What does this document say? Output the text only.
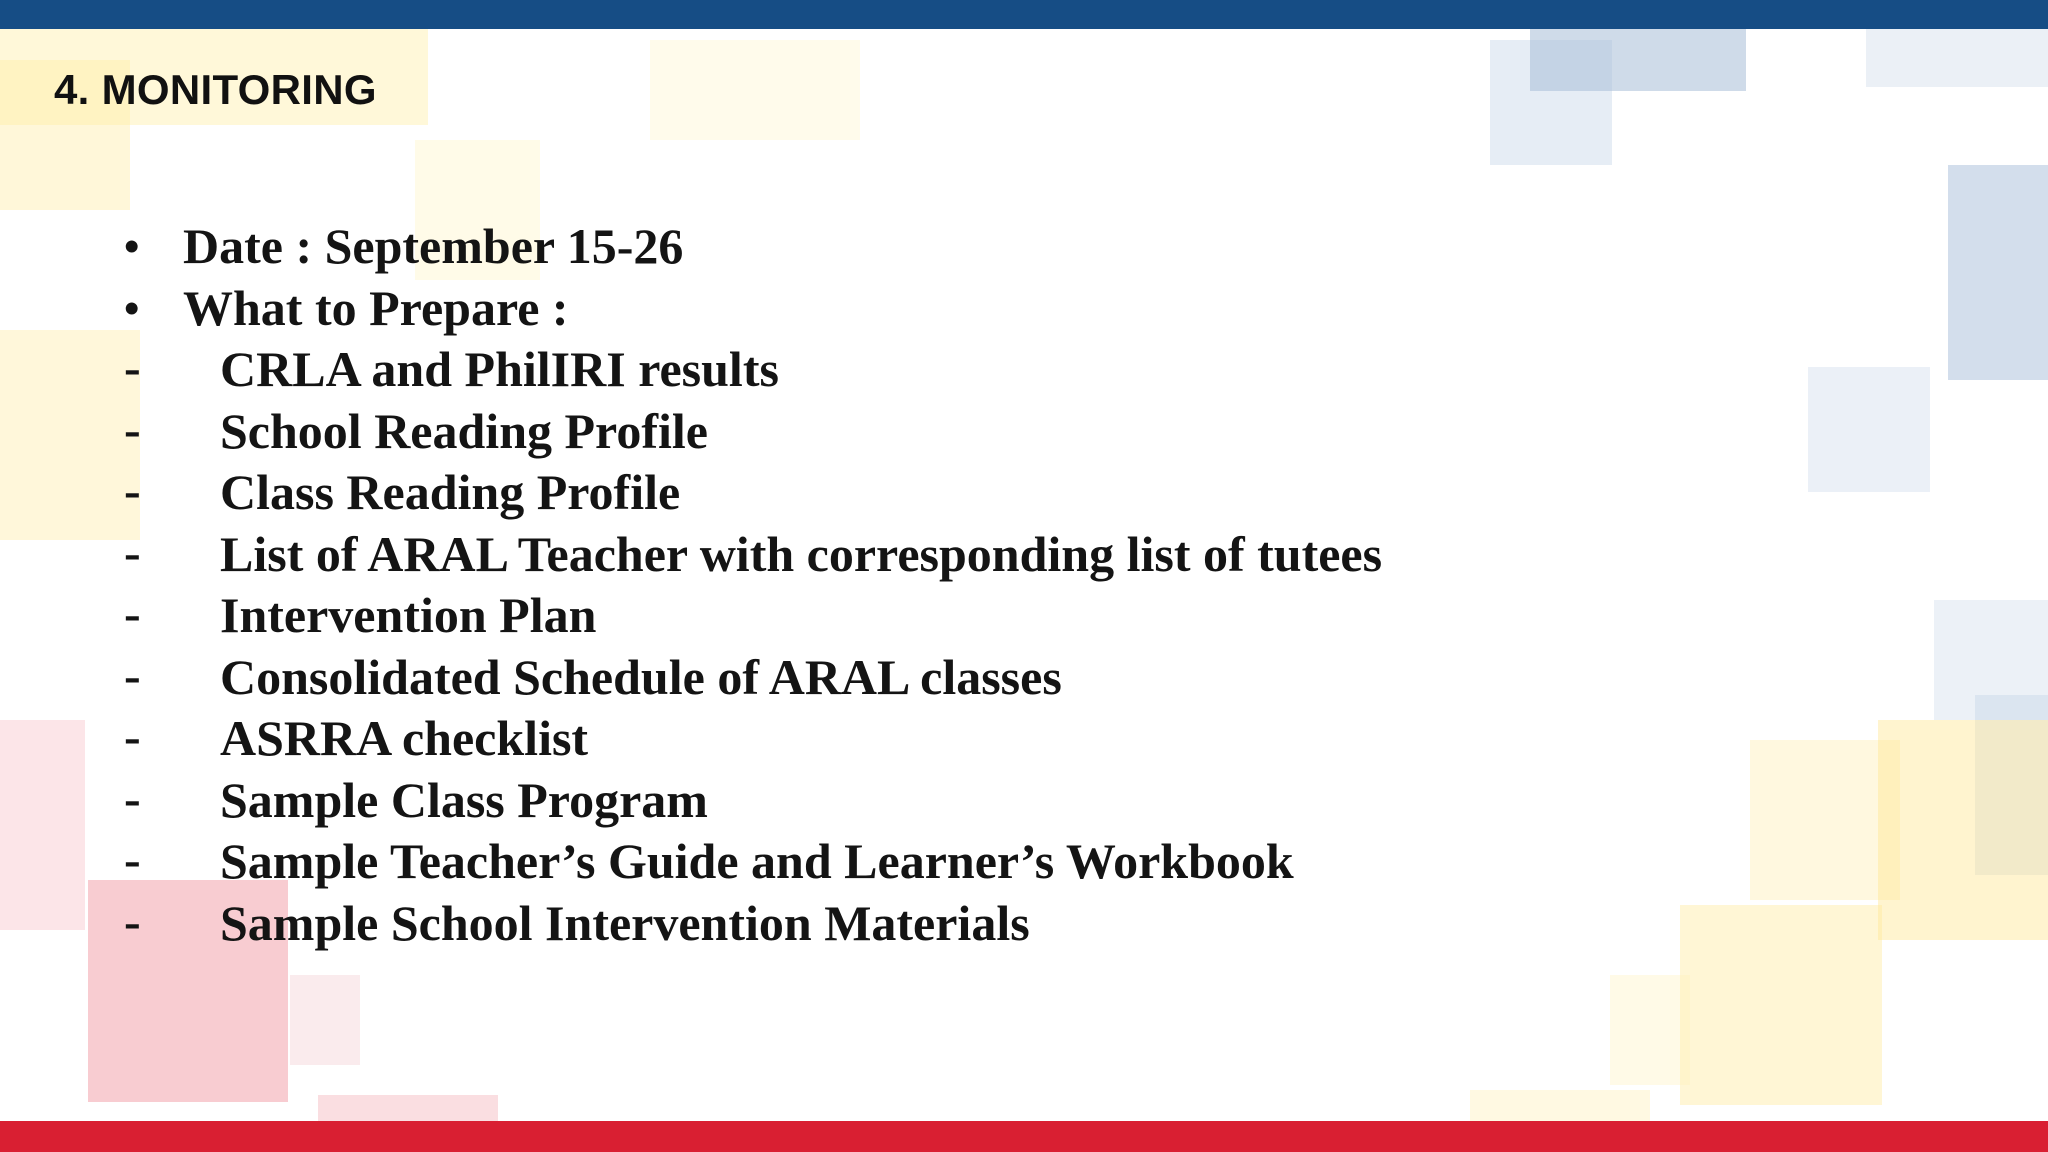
4. MONITORING
• Date : September 15-26
• What to Prepare :
- CRLA and PhilIRI results
- School Reading Profile
- Class Reading Profile
- List of ARAL Teacher with corresponding list of tutees
- Intervention Plan
- Consolidated Schedule of ARAL classes
- ASRRA checklist
- Sample Class Program
- Sample Teacher’s Guide and Learner’s Workbook
- Sample School Intervention Materials
